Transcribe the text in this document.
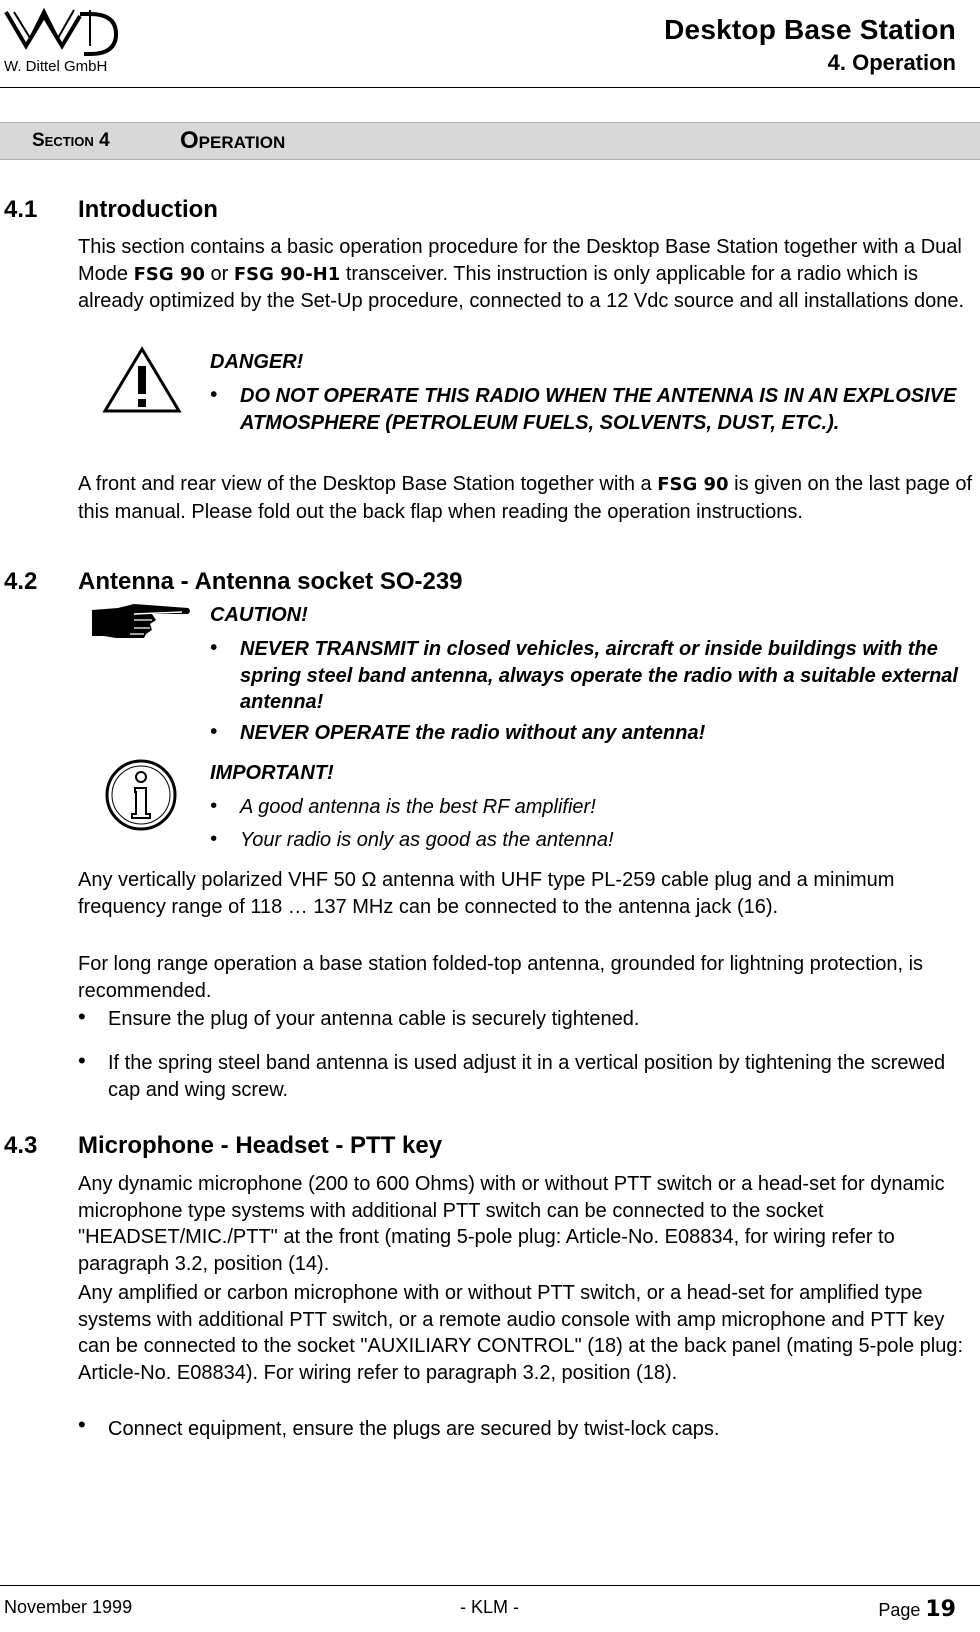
W. Dittel GmbH
Desktop Base Station
4. Operation
Section 4	Operation
4.1 Introduction
This section contains a basic operation procedure for the Desktop Base Station together with a Dual Mode FSG 90 or FSG 90-H1 transceiver. This instruction is only applicable for a radio which is already optimized by the Set-Up procedure, connected to a 12 Vdc source and all installations done.
DANGER!
• DO NOT OPERATE THIS RADIO WHEN THE ANTENNA IS IN AN EXPLOSIVE ATMOSPHERE (PETROLEUM FUELS, SOLVENTS, DUST, ETC.).
A front and rear view of the Desktop Base Station together with a FSG 90 is given on the last page of this manual. Please fold out the back flap when reading the operation instructions.
4.2 Antenna - Antenna socket SO-239
CAUTION!
• NEVER TRANSMIT in closed vehicles, aircraft or inside buildings with the spring steel band antenna, always operate the radio with a suitable external antenna!
• NEVER OPERATE the radio without any antenna!
IMPORTANT!
• A good antenna is the best RF amplifier!
• Your radio is only as good as the antenna!
Any vertically polarized VHF 50 Ω antenna with UHF type PL-259 cable plug and a minimum frequency range of 118 … 137 MHz can be connected to the antenna jack (16).
For long range operation a base station folded-top antenna, grounded for lightning protection, is recommended.
• Ensure the plug of your antenna cable is securely tightened.
• If the spring steel band antenna is used adjust it in a vertical position by tightening the screwed cap and wing screw.
4.3 Microphone - Headset - PTT key
Any dynamic microphone (200 to 600 Ohms) with or without PTT switch or a head-set for dynamic microphone type systems with additional PTT switch can be connected to the socket "HEADSET/MIC./PTT" at the front (mating 5-pole plug: Article-No. E08834, for wiring refer to paragraph 3.2, position (14).
Any amplified or carbon microphone with or without PTT switch, or a head-set for amplified type systems with additional PTT switch, or a remote audio console with amp microphone and PTT key can be connected to the socket "AUXILIARY CONTROL" (18) at the back panel (mating 5-pole plug: Article-No. E08834). For wiring refer to paragraph 3.2, position (18).
• Connect equipment, ensure the plugs are secured by twist-lock caps.
November 1999	- KLM -	Page 19
